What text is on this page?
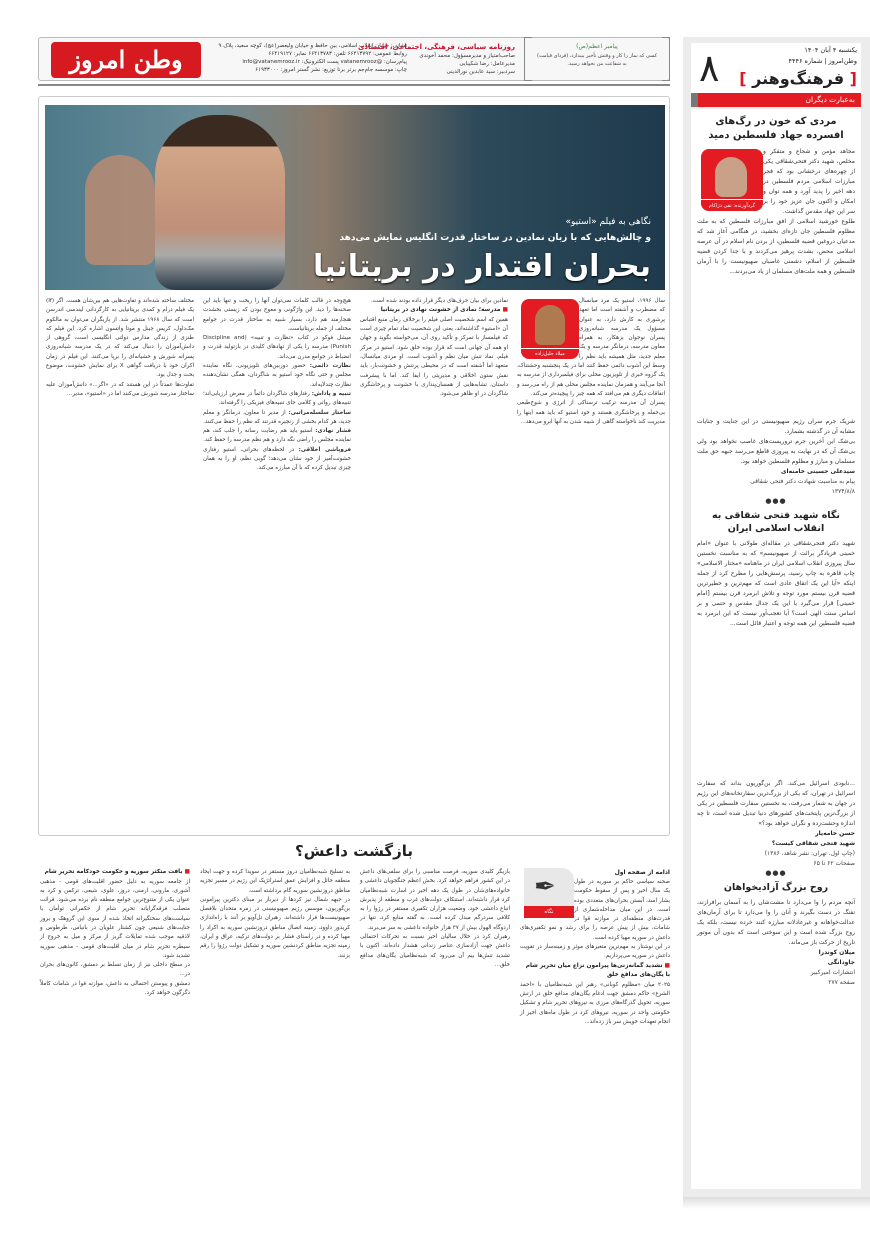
وطن امروز	نشانی: خیابان انقلاب اسلامی، بین حافظ و خیابان ولیعصر(عج)، کوچه سعید، پلاک ۹
روابط عمومی: ۶۶۴۱۳۷۹۲ تلفن: ۶۶۴۱۳۷۸۳ نمابر: ۶۶۴۱۹۱۲۷
پیام‌رسان: @vatanemrooz پست الکترونیک: info@vatanemrooz.ir
چاپ: موسسه جام‌جم برتر برنا توزیع: نشر گستر امروز: ۶۱۹۳۳۰۰۰
روزنامه سیاسی، فرهنگی، اجتماعی، اقتصادی
صاحب‌امتیاز و مدیرمسؤول: محمد آخوندی
مدیرعامل: رضا شکیبایی
سردبیر: سید عابدین نورالدینی
پیامبر اعظم(ص)
کسی که نماز را کار و وقتش تأخیر بیندازد، (فردای قیامت) به شفاعت من نخواهد رسید.
یکشنبه ۴ آبان ۱۴۰۴
وطن‌امروز | شماره ۴۴۴۶
[ فرهنگ‌وهنر ]
۸
به‌عبارت دیگران
مردی که خون در رگ‌های افسرده جهاد فلسطین دمید
گردآورنده: تقی دژاکام

مجاهد مؤمن و شجاع و متفکر و مخلص، شهید دکتر فتحی‌شقاقی یکی از چهره‌های درخشانی بود که فجر مبارزات اسلامی مردم فلسطین در دهه اخیر را پدید آورد و همه توان و امکان و اکنون جان عزیز خود را بر سر این جهاد مقدس گذاشت.

طلوع خورشید اسلامی از افق مبارزات فلسطین که به ملت مظلوم فلسطین جان تازه‌ای بخشید، در هنگامی آغاز شد که مدعیان دروغین قضیه فلسطین، از بردن نام اسلام در آن عرصه اسلامی محض، بشدت پرهیز می‌کردند و با جدا کردن قضیه فلسطین از اسلام، دشمنی غاصبان صهیونیست را با آرمان فلسطین و همه ملت‌های مسلمان از یاد می‌بردند...

شریک جرم سران رژیم صهیونیستی در این جنایت و جنایات مشابه آن در گذشته بشمارد.

بی‌شک این آخرین جرم تروریست‌های غاصب نخواهد بود ولی بی‌شک آن که در نهایت به پیروزی قاطع می‌رسد جبهه حق ملت مسلمان و مبارز و مظلوم فلسطین خواهد بود.

سیدعلی حسینی خامنه‌ای
پیام به مناسبت شهادت دکتر فتحی شقاقی
۱۳۷۴/۸/۸
●●●
نگاه شهید فتحی شقاقی به انقلاب اسلامی ایران

شهید دکتر فتحی‌شقاقی در مقاله‌ای طولانی با عنوان «امام خمینی فریادگر برائت از صهیونیسم» که به مناسبت نخستین سال پیروزی انقلاب اسلامی ایران در ماهنامه «مختار الاسلامی» چاپ قاهره به چاپ رسید، پرسش‌هایی را مطرح کرد از جمله اینکه «آیا این یک اتفاق عادی است که مهم‌ترین و خطیرترین قضیه قرن بیستم مورد توجه و تلاش ابرمرد قرن بیستم [امام خمینی] قرار می‌گیرد یا این یک جدال مقدس و حتمی و بر اساس سنت الهی است؟ آیا تعجب‌آور نیست که این ابرمرد به قضیه فلسطین این همه توجه و اعتبار قائل است...

...نابودی اسرائیل می‌کند. اگر بن‌گوریون بداند که سفارت اسرائیل در تهران، که یکی از بزرگ‌ترین سفارتخانه‌های این رژیم در جهان به شمار می‌رفت، به نخستین سفارت فلسطین در یکی از بزرگ‌ترین پایتخت‌های کشورهای دنیا تبدیل شده است، تا چه اندازه وحشت‌زده و نگران خواهد بود؟»

حسن خامه‌یار
شهید فتحی شقاقی کیست؟
(چاپ اول، تهران: نشر شاهد، ۱۳۸۶)
صفحات ۶۲ تا ۶۵
●●●
روح بزرگ آزادیخواهان

آنچه مردم را وا می‌دارد تا مشت‌شان را به آسمان برافرازند، تفنگ در دست بگیرند و آنان را وا می‌دارد تا برای آرمان‌های عدالت‌خواهانه و غیرعادلانه مبارزه کنند خرده نیست، بلکه یک روح بزرگ شده است و این سوختی است که بدون آن موتور تاریخ از حرکت باز می‌ماند.

میلان کوندرا
جاودانگی
انتشارات امیرکبیر
صفحه ۲۷۷
نگاهی به فیلم «استیو»
و چالش‌هایی که با زبان نمادین در ساختار قدرت انگلیس نمایش می‌دهد
بحران اقتدار در بریتانیا
میلاد جلیل‌زاده

سال ۱۹۹۶، استیو یک مرد میانسال که مضطرب و آشفته است اما تعهد پرشوری به کارش دارد، به عنوان مسؤول یک مدرسه شبانه‌روزی پسران نوجوان بزهکار، به همراه معاون مدرسه، درمانگر مدرسه و یک معلم جدید، مثل همیشه باید نظم را وسط این آشوب دائمی حفظ کنند اما در یک پنجشنبه وحشتناک، یک گروه خبری از تلویزیون محلی برای فیلمبرداری از مدرسه به آنجا می‌آیند و همزمان نماینده مجلس محلی هم از راه می‌رسد و اتفاقات دیگری هم می‌افتد که همه چیز را پیچیده‌تر می‌کند.

پسران آن مدرسه ترکیب ترسناکی از انرژی و شوخ‌طبعی بی‌حمله و پرخاشگری هستند و خود استیو که باید همه اینها را مدیریت کند ناخواسته گاهی از شیبه شدن به آنها ابرو می‌دهد...

نمادین برای بیان حرف‌های دیگر قرار داده بودند شده است.

■ مدرسه؛ نمادی از خشونت نهادی در بریتانیا

همین که اسم شخصیت اصلی فیلم را برخلاف رمان منبع اقتباس آن «استیو» گذاشته‌اند، یعنی این شخصیت نماد تمام چیزی است که فیلمساز با تمرکز و تأکید روی آن، می‌خواسته بگوید و جهان او همه آن جهانی است که قرار بوده خلق شود. استیو در مرکز فیلم، نماد تنش میان نظم و آشوب است. او مردی میانسال، متعهد اما آشفته است که در محیطی پرتنش و خشونت‌بار، باید نقش ستون اخلاقی و مدیریتی را ایفا کند. اما با پیشرفت داستان، تشابه‌هایی از همسان‌پنداری با خشونت و پرخاشگری شاگردان در او ظاهر می‌شود.

هیچ‌وجه در قالب کلمات نمی‌توان آنها را ریخت و تنها باید این صحنه‌ها را دید. این واژگونی و معوج بودن که زیستی بخشدت هنجارمند هم دارد، بسیار شبیه به ساختار قدرت در جوامع مختلف از جمله بریتانیاست.

میشل فوکو در کتاب «نظارت و تنبیه» (Discipline and Punish) مدرسه را یکی از نهادهای کلیدی در بازتولید قدرت و انضباط در جوامع مدرن می‌داند.

نظارت دائمی: حضور دوربین‌های تلویزیونی، نگاه نماینده مجلس و حتی نگاه خود استیو به شاگردان، همگی نشان‌دهنده نظارت چندلایه‌اند.

تنبیه و پاداش: رفتارهای شاگردان دائماً در معرض ارزیابی‌اند؛ تنبیه‌های روانی و کلامی جای تنبیه‌های فیزیکی را گرفته‌اند.

ساختار سلسله‌مراتبی: از مدیر تا معاون، درمانگر و معلم جدید، هر کدام بخشی از زنجیره قدرتند که نظم را حفظ می‌کنند.

فشار نهادی: استیو باید هم رضایت رسانه را جلب کند، هم نماینده مجلس را راضی نگه دارد و هم نظم مدرسه را حفظ کند.

فروپاشی اخلاقی: در لحظه‌های بحرانی، استیو رفتاری خشونت‌آمیز از خود نشان می‌دهد؛ گویی نظم، او را به همان چیزی تبدیل کرده که با آن مبارزه می‌کند.

مختلف ساخته شده‌اند و تفاوت‌هایی هم بین‌شان هست. اگر (If) یک فیلم درام و کمدی بریتانیایی به کارگردانی لیندسی اندرسن است که سال ۱۹۶۸ منتشر شد. از بازیگران می‌توان به مالکوم مک‌داول، کریس جینل و موتا واتسون اشاره کرد. این فیلم که طنزی از زندگی مدارس دولتی انگلیسی است، گروهی از دانش‌آموزان را دنبال می‌کند که در یک مدرسه شبانه‌روزی پسرانه شورش و حشیانه‌ای را برپا می‌کنند. این فیلم در زمان اکران خود با دریافت گواهی X برای نمایش خشونت، موضوع بحث و جدل بود.

تفاوت‌ها عمدتاً در این هستند که در «اگر...» دانش‌آموزان علیه ساختار مدرسه شورش می‌کنند اما در «استیو»، مدیر...

بازگشت داعش؟
✒
نگاه
ادامه از صفحه اول

صحنه سیاسی حاکم بر سوریه در طول یک سال اخیر و پس از سقوط حکومت بشار اسد، آبستن بحران‌های متعددی بوده است. در این میان مداخله‌شماری از قدرت‌های منطقه‌ای در موازنه قوا در شامات، بیش از پیش عرصه را برای رشد و نمو تکفیری‌های داعش در سوریه مهیا کرده است.

در این نوشتار به مهم‌ترین متغیرهای موثر و زمینه‌ساز در تقویت داعش در سوریه می‌پردازیم.

■ تشدید گمانه‌زنی‌ها پیرامون نزاع میان تحریر شام با یگان‌های مدافع خلق

۲۰۲۵ میان «مظلوم کوبانی» رهبر این شبه‌نظامیان با «احمد الشرع» حاکم دمشق جهت ادغام یگان‌های مدافع خلق در ارتش سوریه، تحویل گذرگاه‌های مرزی به نیروهای تحریر شام و تشکیل حکومتی واحد در سوریه، نیروهای کرد در طول ماه‌های اخیر از انجام تعهدات خویش سر باز زده‌اند...

بازیگر کلیدی سوریه، فرصت مناسبی را برای سلفی‌های داعش در این کشور فراهم خواهد کرد. بخش اعظم جنگجویان داعشی و خانواده‌های‌شان در طول یک دهه اخیر در اسارت شبه‌نظامیان کرد قرار داشته‌اند. استنکاف دولت‌های غرب و منطقه از پذیرش اتباع داعشی خود، وضعیت هزاران تکفیری مستقر در رژوا را به کلافی سردرگم مبدل کرده است. به گفته منابع کرد، تنها در اردوگاه الهول بیش از ۳۷ هزار خانواده داعشی به سر می‌برند.

رهبران کرد در خلال سالیان اخیر نسبت به تحرکات احتمالی داعش جهت آزادسازی عناصر زندانی هشدار داده‌اند. اکنون با تشدید تنش‌ها بیم آن می‌رود که شبه‌نظامیان یگان‌های مدافع خلق...

به تسلیح شبه‌نظامیان دروز مستقر در سویدا کرده و جهت ایجاد منطقه حائل و افزایش عمق استراتژیک این رژیم در مسیر تجزیه مناطق دروزنشین سوریه گام برداشته است.

در جبهه شمال نیز کردها از دیرباز بر مبنای دکترین پیرامونی بن‌گوریون، موسس رژیم صهیونیستی در زمره متحدان بلافصل صهیونیست‌ها قرار داشته‌اند. رهبران تل‌آویو بر آنند با راه‌اندازی کریدور داوود، زمینه اتصال مناطق دروزنشین سوریه به اکراد را مهیا کرده و در راستای فشار بر دولت‌های ترکیه، عراق و ایران، زمینه تجزیه مناطق کردنشین سوریه و تشکیل دولت رژوا را رقم بزنند.

■ بافت متکثر سوریه و حکومت خودکامه تحریر شام

از جامعه سوریه به دلیل حضور اقلیت‌های قومی - مذهبی آشوری، مارونی، ارمنی، دروز، علوی، شیعی، ترکمن و کرد به عنوان یکی از متنوع‌ترین جوامع منطقه نام برده می‌شود. قرائت متصلب فرقه‌گرایانه تحریر شام از حکمرانی توأمان با سیاست‌های سختگیرانه اتخاذ شده از سوی این گروهک و بروز جنایت‌های شنیعی چون کشتار علویان در بانیاس، طرطوس و لاذقیه موجب شده تمایلات گریز از مرکز و میل به خروج از سیطره تحریر شام در میان اقلیت‌های قومی - مذهبی سوریه تشدید شود.

در سطح داخلی نیز از زمان تسلط بر دمشق، کانون‌های بحران در...

دمشق و پیوستن احتمالی به داعش، موازنه قوا در شامات کاملاً دگرگون خواهد کرد.
